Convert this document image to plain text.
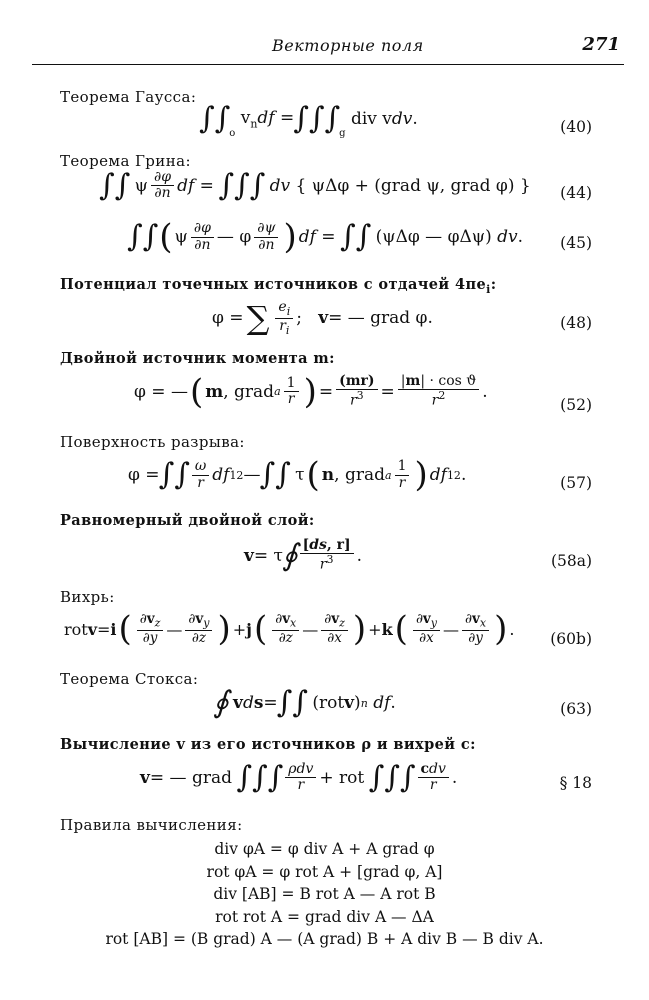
Векторные поля	271
Теорема Гаусса:
∫∫ o
$v_ndf$ = ∫∫∫ g
div vdv.	(40)
Теорема Грина:
∫∫ ψ $\frac{\partial\varphi}{\partial n}$ df = ∫∫∫
dv { ψΔφ + (grad ψ, grad φ) } (44)
∫∫ ( ψ $\frac{\partial\varphi}{\partial n}$ — φ $\frac{\partial\psi}{\partial n}$ ) df = ∫∫ (ψΔφ — φΔψ) dv . (45)
Потенциал точечных источников с отдачей $4\pi e_i$:
φ = ∑ $\frac{e_i}{r_i}$ ; v = — grad φ.	(48)
Двойной источник момента m:
φ = — ( m , grad a $\frac{1}{r}$ ) = $\frac{(mr)}{r^3} = \frac{\text{|m| · cos ϑ}}{r^2}$ .
(52)
Поверхность разрыва:
φ = ∫∫ $\frac{\omega}{r}$ df 12 — ∫∫ τ ( n , grad a $\frac{1}{r}$ ) df 12 .	(57)
Равномерный двойной слой:
v = τ ∮ $\frac{[ds, r]}{r^3}$ .	(58a)
Вихрь:
rot v = i ( $\frac{\partial v_z}{\partial y}$ — $\frac{\partial v_y}{\partial z}$ ) + j ( $\frac{\partial v_x}{\partial z}$ — $\frac{\partial v_z}{\partial x}$ ) + k ( $\frac{\partial v_y}{\partial x}$ — $\frac{\partial v_x}{\partial y}$ ) .
(60b)
Теорема Стокса:
∮
v d s = ∫∫ (rot v ) n
df .	(63)
Вычисление v из его источников ρ и вихрей c:
v = — grad ∫∫∫ $\frac{\text{ρdv}}{r}$ + rot ∫∫∫ $\frac{\text{cdv}}{r}$ .	§ 18
Правила вычисления:
div φA = φ div A + A grad φ
rot φA = φ rot A + [grad φ, A]
div [AB] = B rot A — A rot B
rot rot A = grad div A — ΔA
rot [AB] = (B grad) A — (A grad) B + A div B — B div A.
